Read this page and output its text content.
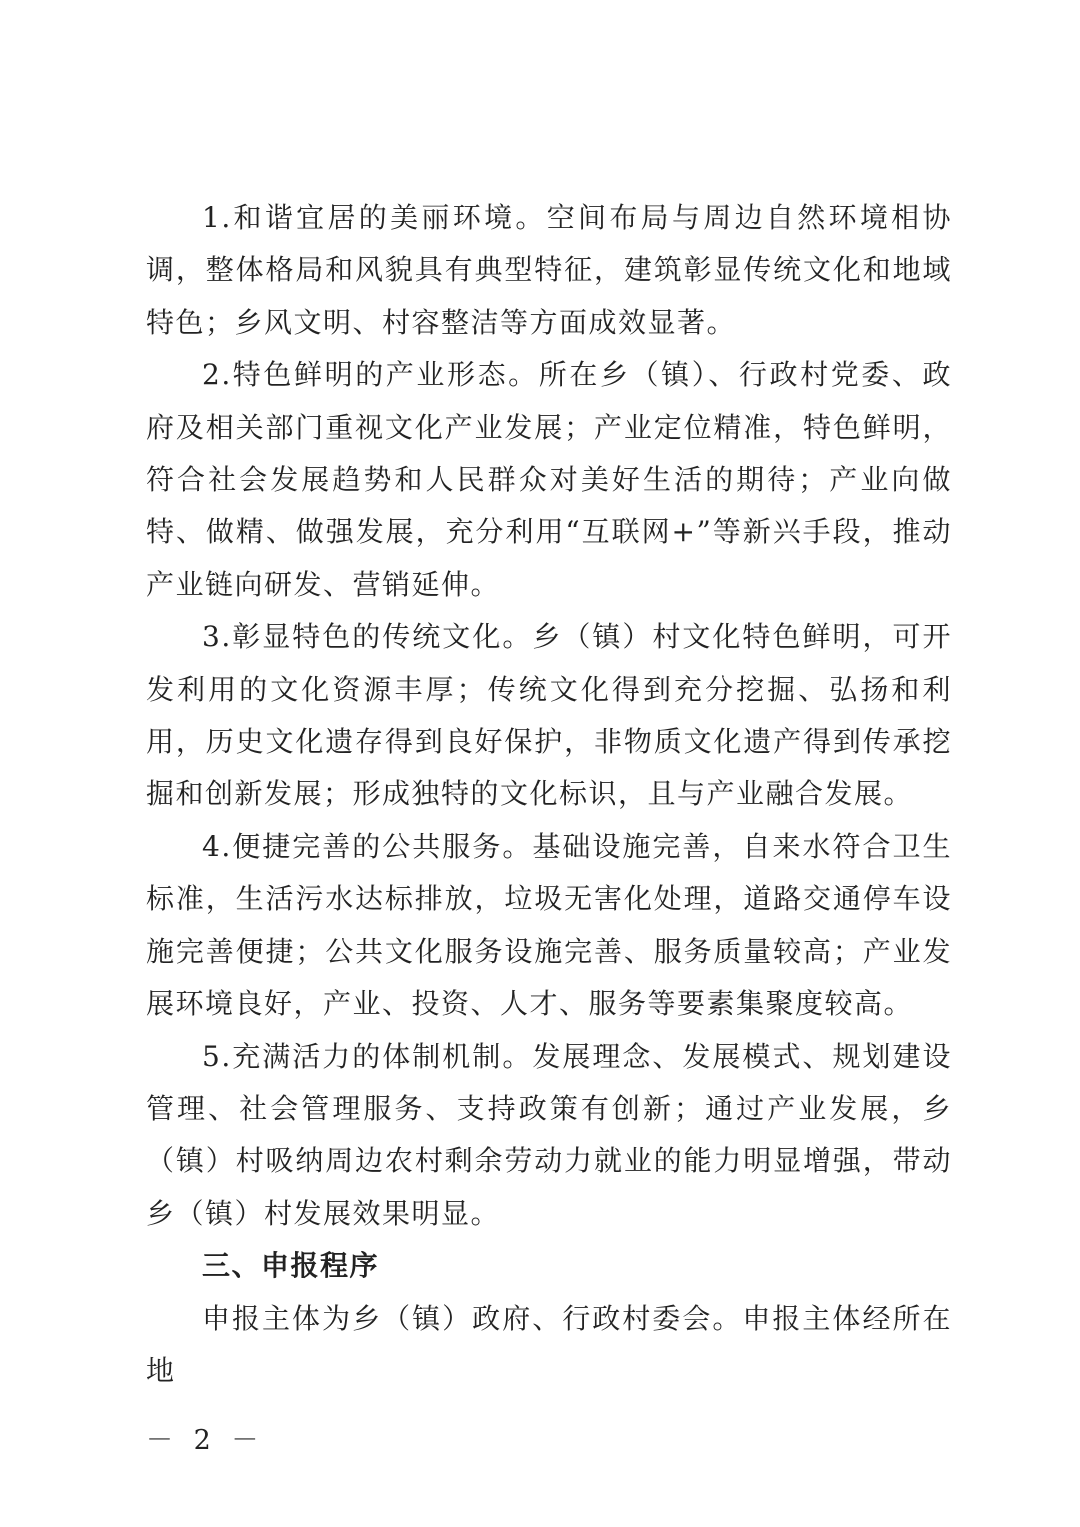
1.和谐宜居的美丽环境。空间布局与周边自然环境相协调，整体格局和风貌具有典型特征，建筑彰显传统文化和地域特色；乡风文明、村容整洁等方面成效显著。

2.特色鲜明的产业形态。所在乡（镇）、行政村党委、政府及相关部门重视文化产业发展；产业定位精准，特色鲜明，符合社会发展趋势和人民群众对美好生活的期待；产业向做特、做精、做强发展，充分利用“互联网+”等新兴手段，推动产业链向研发、营销延伸。

3.彰显特色的传统文化。乡（镇）村文化特色鲜明，可开发利用的文化资源丰厚；传统文化得到充分挖掘、弘扬和利用，历史文化遗存得到良好保护，非物质文化遗产得到传承挖掘和创新发展；形成独特的文化标识，且与产业融合发展。

4.便捷完善的公共服务。基础设施完善，自来水符合卫生标准，生活污水达标排放，垃圾无害化处理，道路交通停车设施完善便捷；公共文化服务设施完善、服务质量较高；产业发展环境良好，产业、投资、人才、服务等要素集聚度较高。

5.充满活力的体制机制。发展理念、发展模式、规划建设管理、社会管理服务、支持政策有创新；通过产业发展，乡（镇）村吸纳周边农村剩余劳动力就业的能力明显增强，带动乡（镇）村发展效果明显。

三、申报程序

申报主体为乡（镇）政府、行政村委会。申报主体经所在地

－ 2 －
